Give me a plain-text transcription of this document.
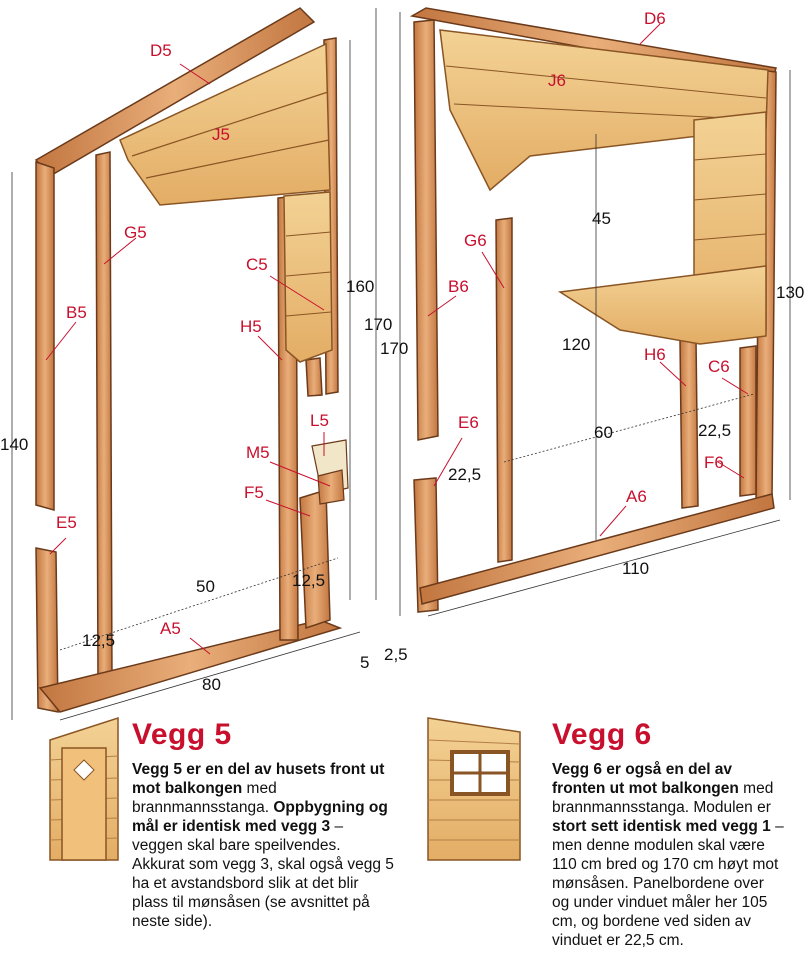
D5
J5
G5
C5
B5
H5
L5
M5
F5
E5
A5
D6
J6
G6
B6
H6
C6
E6
F6
A6
160
170
140
50	12,5
12,5
80
5 2,5
170
130
45
120
60	22,5
22,5
110
Vegg 5	Vegg 6
Vegg 5 er en del av husets front ut mot balkongen med brannmannsstanga. Oppbygning og mål er identisk med vegg 3 – veggen skal bare speilvendes. Akkurat som vegg 3, skal også vegg 5 ha et avstandsbord slik at det blir plass til mønsåsen (se avsnittet på neste side).
Vegg 6 er også en del av fronten ut mot balkongen med brannmannsstanga. Modulen er stort sett identisk med vegg 1 – men denne modulen skal være 110 cm bred og 170 cm høyt mot mønsåsen. Panelbordene over og under vinduet måler her 105 cm, og bordene ved siden av vinduet er 22,5 cm.
